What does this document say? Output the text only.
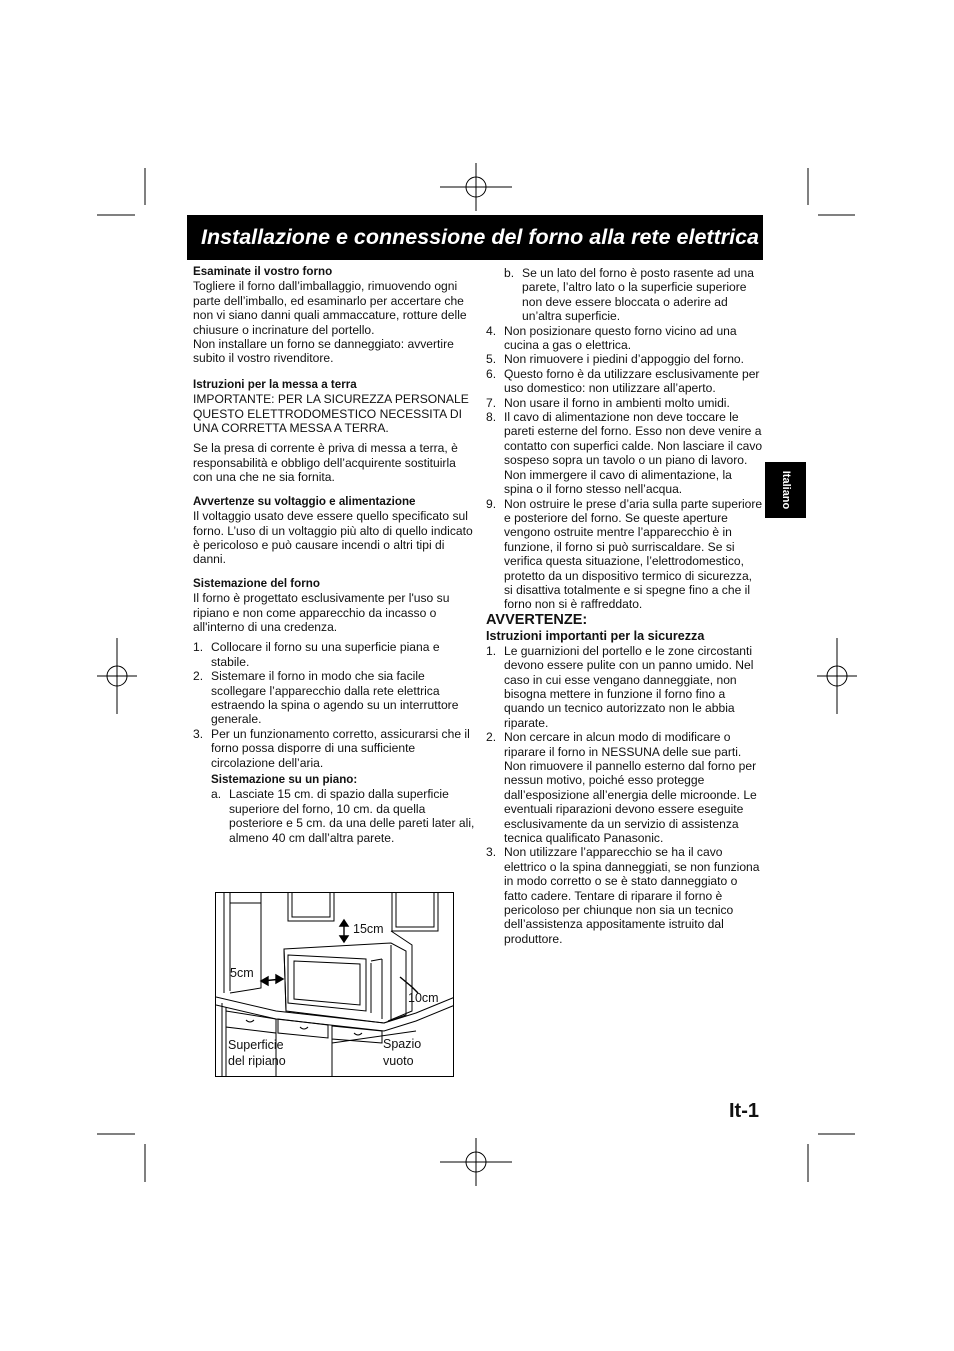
Installazione e connessione del forno alla rete elettrica
Italiano

Esaminate il vostro forno

Togliere il forno dall’imballaggio, rimuovendo ogni parte dell’imballo, ed esaminarlo per accertare che non vi siano danni quali ammaccature, rotture delle chiusure o incrinature del portello.

Non installare un forno se danneggiato: avvertire subito il vostro rivenditore.

Istruzioni per la messa a terra

IMPORTANTE: PER LA SICUREZZA PERSONALE QUESTO ELETTRODOMESTICO NECESSITA DI UNA CORRETTA MESSA A TERRA.

Se la presa di corrente è priva di messa a terra, è responsabilità e obbligo dell’acquirente sostituirla con una che ne sia fornita.

Avvertenze su voltaggio e alimentazione

Il voltaggio usato deve essere quello specificato sul forno. L’uso di un voltaggio più alto di quello indicato è pericoloso e può causare incendi o altri tipi di danni.

Sistemazione del forno

Il forno è progettato esclusivamente per l'uso su ripiano e non come apparecchio da incasso o all'interno di una credenza.

1. Collocare il forno su una superficie piana e stabile.
2. Sistemare il forno in modo che sia facile scollegare l’apparecchio dalla rete elettrica estraendo la spina o agendo su un interruttore generale.
3. Per un funzionamento corretto, assicurarsi che il forno possa disporre di una sufficiente circolazione dell’aria.

Sistemazione su un piano:

a. Lasciate 15 cm. di spazio dalla superficie superiore del forno, 10 cm. da quella posteriore e 5 cm. da una delle pareti later ali, almeno 40 cm dall’altra parete.
15cm
5cm
10cm
Superficie
del ripiano
Spazio
vuoto
b. Se un lato del forno è posto rasente ad una parete, l’altro lato o la superficie superiore non deve essere bloccata o aderire ad un’altra superficie.
4. Non posizionare questo forno vicino ad una cucina a gas o elettrica.
5. Non rimuovere i piedini d’appoggio del forno.
6. Questo forno è da utilizzare esclusivamente per uso domestico: non utilizzare all’aperto.
7. Non usare il forno in ambienti molto umidi.
8. Il cavo di alimentazione non deve toccare le pareti esterne del forno. Esso non deve venire a contatto con superfici calde. Non lasciare il cavo sospeso sopra un tavolo o un piano di lavoro.
Non immergere il cavo di alimentazione, la spina o il forno stesso nell’acqua.
9. Non ostruire le prese d’aria sulla parte superiore e posteriore del forno. Se queste aperture vengono ostruite mentre l’apparecchio è in funzione, il forno si può surriscaldare. Se si verifica questa situazione, l’elettrodomestico, protetto da un dispositivo termico di sicurezza, si disattiva totalmente e si spegne fino a che il forno non si è raffreddato.

AVVERTENZE:

Istruzioni importanti per la sicurezza

1. Le guarnizioni del portello e le zone circostanti devono essere pulite con un panno umido. Nel caso in cui esse vengano danneggiate, non bisogna mettere in funzione il forno fino a quando un tecnico autorizzato non le abbia riparate.
2. Non cercare in alcun modo di modificare o riparare il forno in NESSUNA delle sue parti. Non rimuovere il pannello esterno dal forno per nessun motivo, poiché esso protegge dall’esposizione all’energia delle microonde. Le eventuali riparazioni devono essere eseguite esclusivamente da un servizio di assistenza tecnica qualificato Panasonic.
3. Non utilizzare l’apparecchio se ha il cavo elettrico o la spina danneggiati, se non funziona in modo corretto o se è stato danneggiato o fatto cadere. Tentare di riparare il forno è pericoloso per chiunque non sia un tecnico dell’assistenza appositamente istruito dal produttore.
It-1
